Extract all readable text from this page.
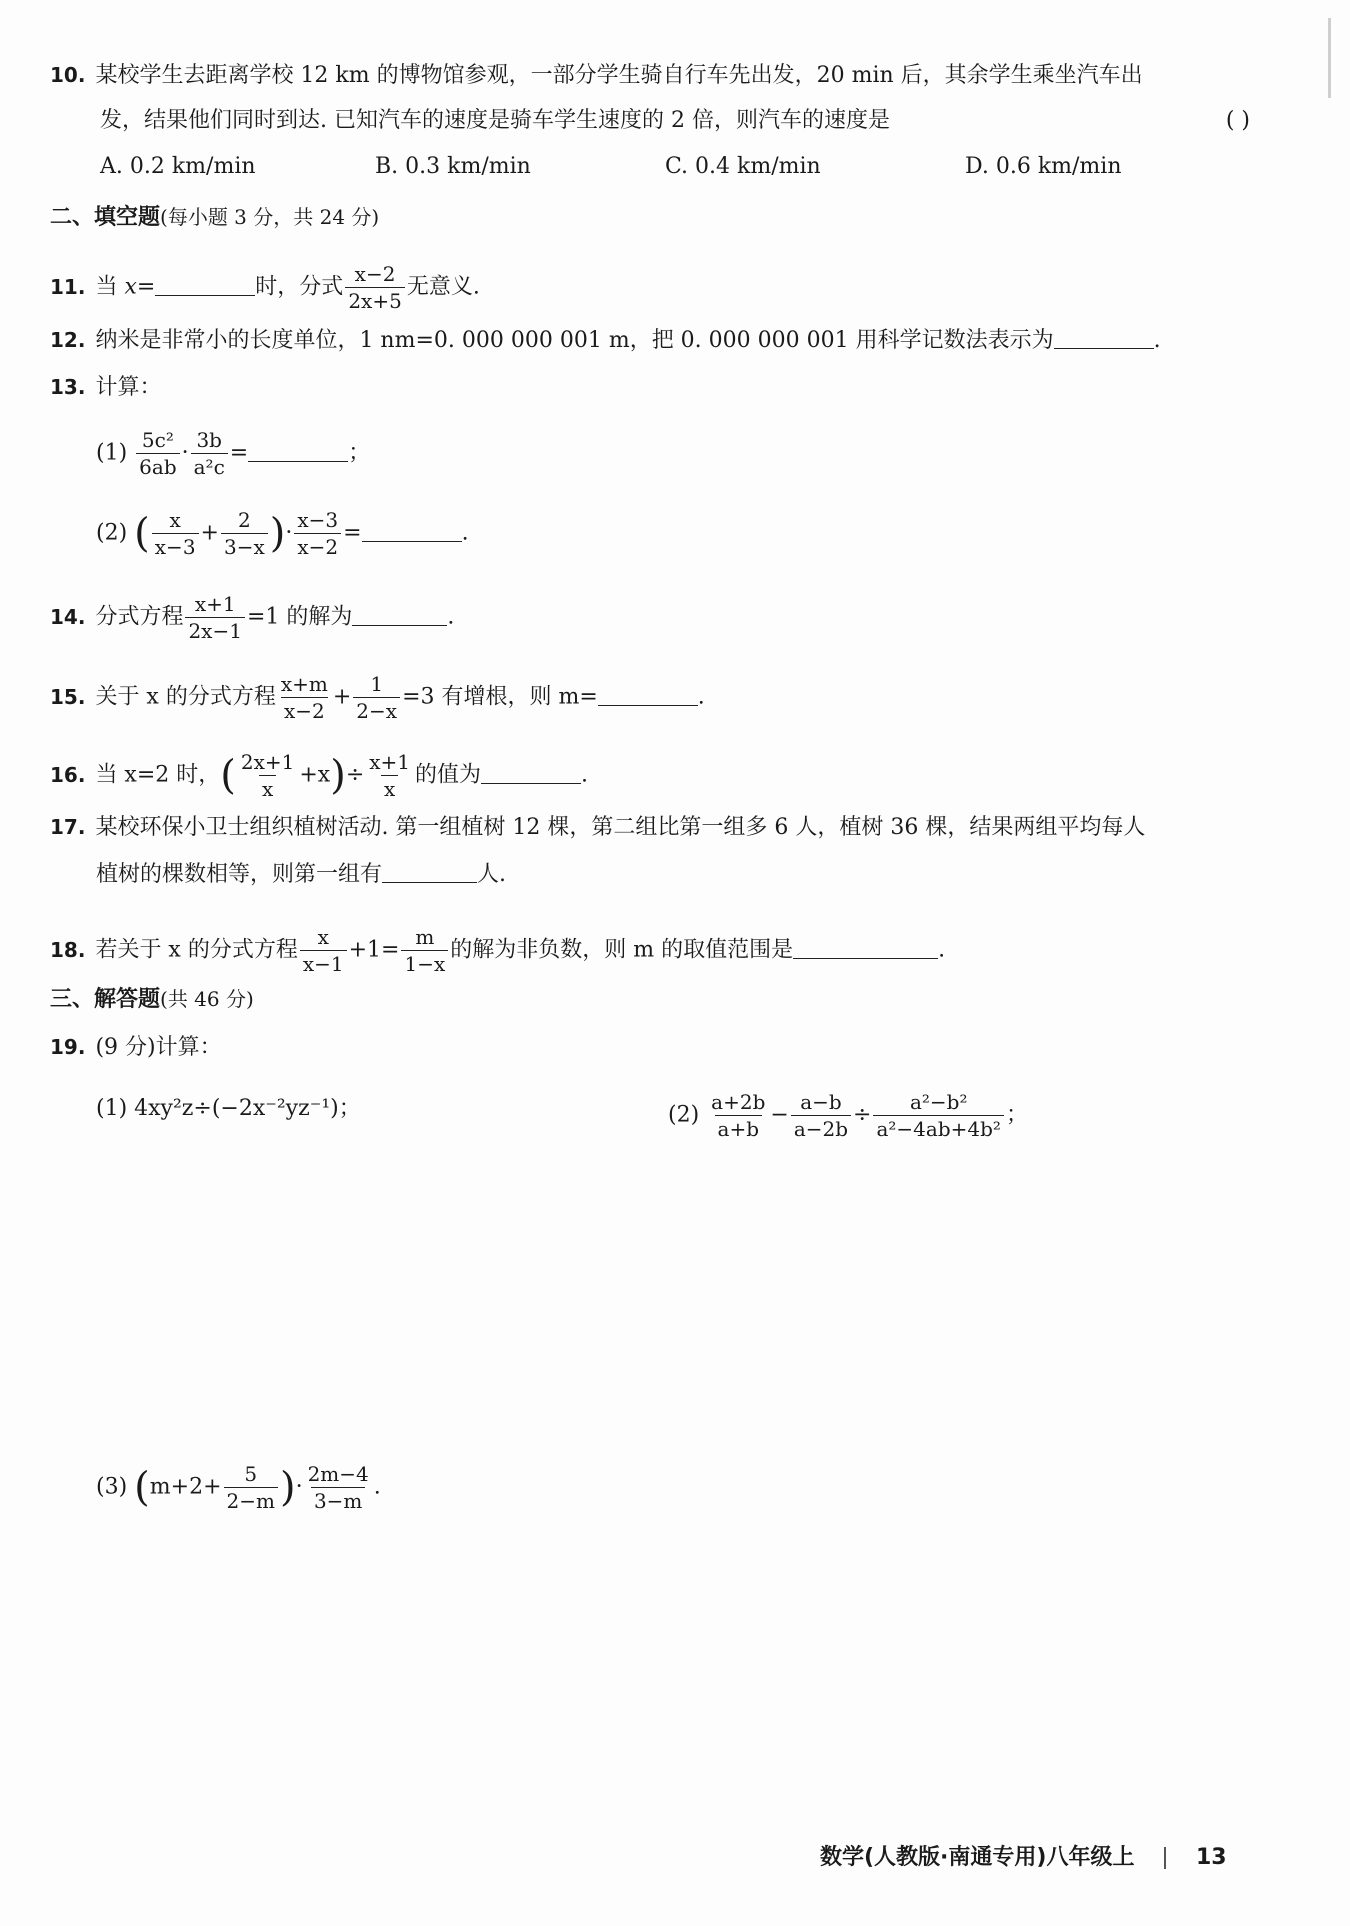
10. 某校学生去距离学校 12 km 的博物馆参观，一部分学生骑自行车先出发，20 min 后，其余学生乘坐汽车出
发，结果他们同时到达. 已知汽车的速度是骑车学生速度的 2 倍，则汽车的速度是	( )
A. 0.2 km/min	B. 0.3 km/min	C. 0.4 km/min	D. 0.6 km/min
二、填空题(每小题 3 分，共 24 分)
11. 当 x=	时，分式 $\frac{x-2}{2x+5}$ 无意义.
12. 纳米是非常小的长度单位，1 nm=0. 000 000 001 m，把 0. 000 000 001 用科学记数法表示为	.
13. 计算：
$(1) \frac{\text{5c²}}{6ab} \cdot \frac{3b}{\text{a²c}}$ =	；
(2) ( $\frac{x}{x-3} + \frac{2}{3-x}$ )· $\frac{x-3}{x-2}$ =	.
14. 分式方程 $\frac{x+1}{2x-1} =1$ 的解为	.
15. 关于 x 的分式方程 $\frac{x+m}{x-2} + \frac{1}{2-x} =3$ 有增根，则 m=	.
16. 当 x=2 时，( $\frac{2x+1}{x} +x)\div \frac{x+1}{x}$ 的值为	.
17. 某校环保小卫士组织植树活动. 第一组植树 12 棵，第二组比第一组多 6 人，植树 36 棵，结果两组平均每人
植树的棵数相等，则第一组有	人.
18. 若关于 x 的分式方程 $\frac{x}{x-1} +1= \frac{m}{1-x}$ 的解为非负数，则 m 的取值范围是	.
三、解答题(共 46 分)
19. (9 分)计算：
(1) 4xy²z÷(−2x⁻²yz⁻¹)；	$(2) \frac{a+2b}{a+b} - \frac{a-b}{a-2b} \div \frac{\text{a²−b²}}{\text{a²−4ab+4b²}}$ ；
(3) ($m+2+ \frac{5}{2-m}$ )· $\frac{2m-4}{3-m}$ .
数学(人教版·南通专用)八年级上	13
